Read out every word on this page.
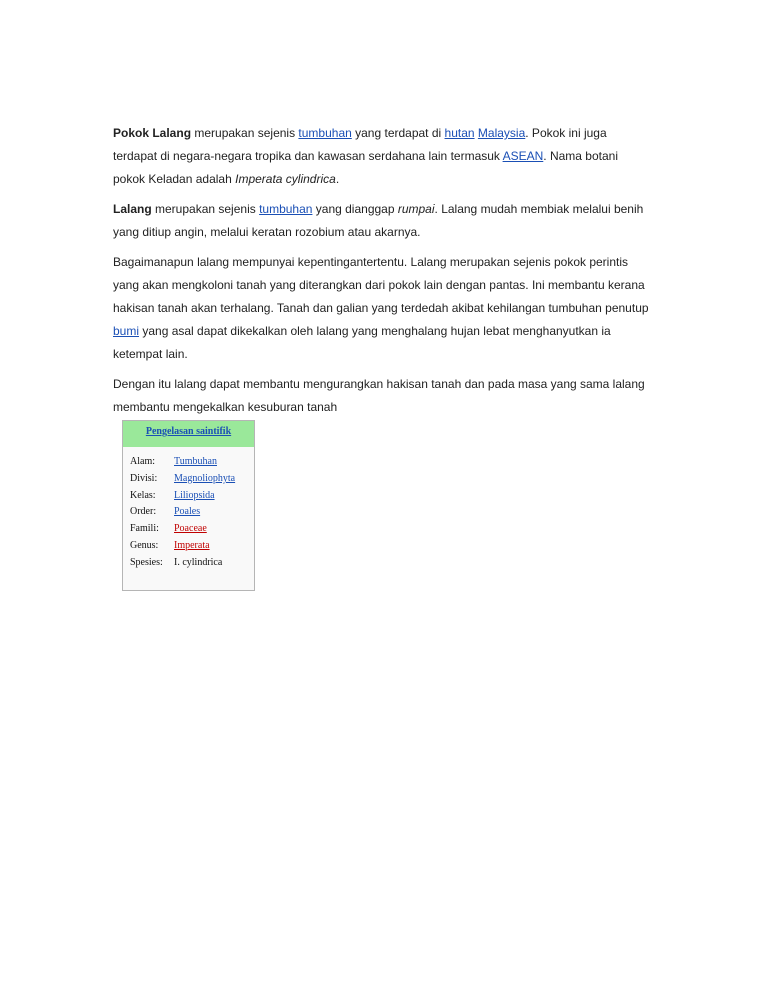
Pokok Lalang merupakan sejenis tumbuhan yang terdapat di hutan Malaysia. Pokok ini juga terdapat di negara-negara tropika dan kawasan serdahana lain termasuk ASEAN. Nama botani pokok Keladan adalah Imperata cylindrica.

Lalang merupakan sejenis tumbuhan yang dianggap rumpai. Lalang mudah membiak melalui benih yang ditiup angin, melalui keratan rozobium atau akarnya.

Bagaimanapun lalang mempunyai kepentingantertentu. Lalang merupakan sejenis pokok perintis yang akan mengkoloni tanah yang diterangkan dari pokok lain dengan pantas. Ini membantu kerana hakisan tanah akan terhalang. Tanah dan galian yang terdedah akibat kehilangan tumbuhan penutup bumi yang asal dapat dikekalkan oleh lalang yang menghalang hujan lebat menghanyutkan ia ketempat lain.

Dengan itu lalang dapat membantu mengurangkan hakisan tanah dan pada masa yang sama lalang membantu mengekalkan kesuburan tanah

Pengelasan saintifik
Alam:	Tumbuhan
Divisi:	Magnoliophyta
Kelas:	Liliopsida
Order:	Poales
Famili:	Poaceae
Genus:	Imperata
Spesies:	I. cylindrica
